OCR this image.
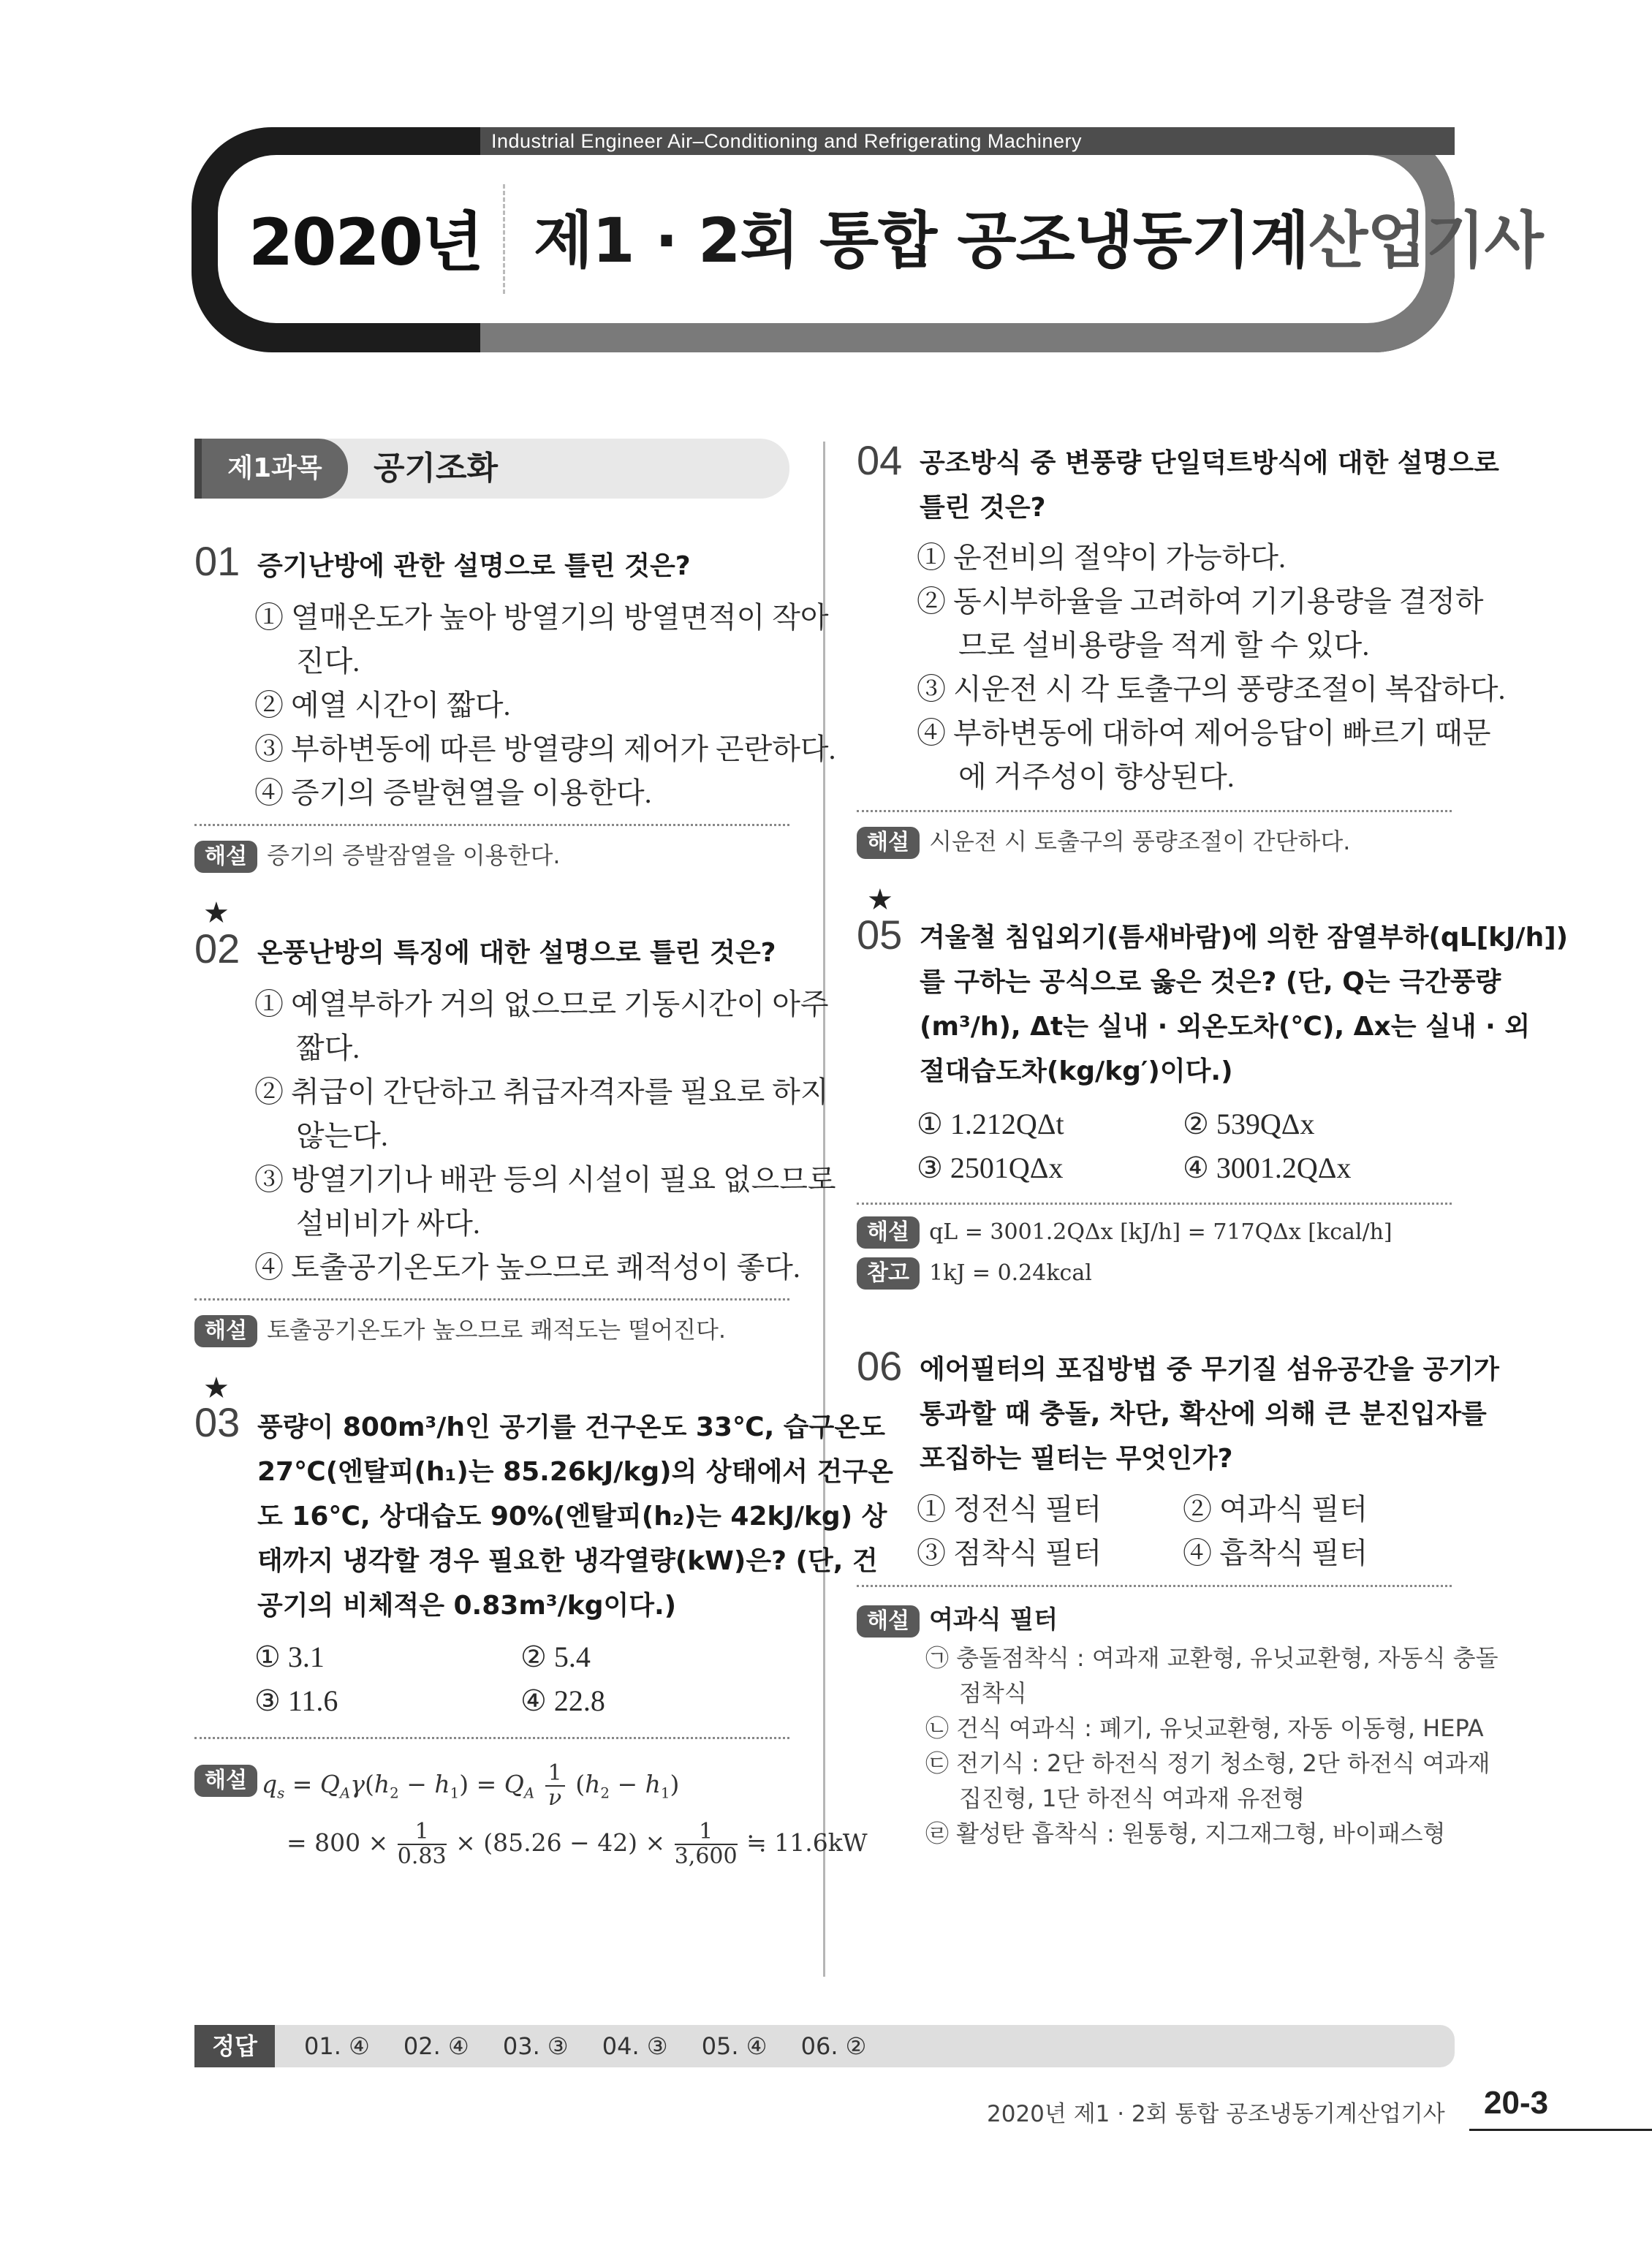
Industrial Engineer Air–Conditioning and Refrigerating Machinery
2020년 제1 · 2회 통합 공조냉동기계산업기사
제1과목	공기조화
01 증기난방에 관한 설명으로 틀린 것은?
① 열매온도가 높아 방열기의 방열면적이 작아
진다.
② 예열 시간이 짧다.
③ 부하변동에 따른 방열량의 제어가 곤란하다.
④ 증기의 증발현열을 이용한다.
해설 증기의 증발잠열을 이용한다.
★
02 온풍난방의 특징에 대한 설명으로 틀린 것은?
① 예열부하가 거의 없으므로 기동시간이 아주
짧다.
② 취급이 간단하고 취급자격자를 필요로 하지
않는다.
③ 방열기기나 배관 등의 시설이 필요 없으므로
설비비가 싸다.
④ 토출공기온도가 높으므로 쾌적성이 좋다.
해설 토출공기온도가 높으므로 쾌적도는 떨어진다.
★
03 풍량이 800m³/h인 공기를 건구온도 33℃, 습구온도
27℃(엔탈피(h₁)는 85.26kJ/kg)의 상태에서 건구온
도 16℃, 상대습도 90%(엔탈피(h₂)는 42kJ/kg) 상
태까지 냉각할 경우 필요한 냉각열량(kW)은? (단, 건
공기의 비체적은 0.83m³/kg이다.)
① 3.1	② 5.4
③ 11.6	④ 22.8
해설 $q_s = Q_A\gamma(h_2 - h_1) = Q_A \frac{1}{\nu} (h_2 - h_1)$
= $800 \times \frac{1}{0.83} \times (85.26 - 42) \times \frac{1}{3,600}$ ≒ 11.6kW
04 공조방식 중 변풍량 단일덕트방식에 대한 설명으로
틀린 것은?
① 운전비의 절약이 가능하다.
② 동시부하율을 고려하여 기기용량을 결정하
므로 설비용량을 적게 할 수 있다.
③ 시운전 시 각 토출구의 풍량조절이 복잡하다.
④ 부하변동에 대하여 제어응답이 빠르기 때문
에 거주성이 향상된다.
해설 시운전 시 토출구의 풍량조절이 간단하다.
★
05 겨울철 침입외기(틈새바람)에 의한 잠열부하(qL[kJ/h])
를 구하는 공식으로 옳은 것은? (단, Q는 극간풍량
(m³/h), Δt는 실내 · 외온도차(℃), Δx는 실내 · 외
절대습도차(kg/kg′)이다.)
① 1.212QΔt	② 539QΔx
③ 2501QΔx	④ 3001.2QΔx
해설 qL = 3001.2QΔx [kJ/h] = 717QΔx [kcal/h]
참고 1kJ = 0.24kcal
06 에어필터의 포집방법 중 무기질 섬유공간을 공기가
통과할 때 충돌, 차단, 확산에 의해 큰 분진입자를
포집하는 필터는 무엇인가?
① 정전식 필터	② 여과식 필터
③ 점착식 필터	④ 흡착식 필터
해설 여과식 필터
㉠ 충돌점착식 : 여과재 교환형, 유닛교환형, 자동식 충돌
점착식
㉡ 건식 여과식 : 폐기, 유닛교환형, 자동 이동형, HEPA
㉢ 전기식 : 2단 하전식 정기 청소형, 2단 하전식 여과재
집진형, 1단 하전식 여과재 유전형
㉣ 활성탄 흡착식 : 원통형, 지그재그형, 바이패스형
정답	01. ④ 02. ④ 03. ③ 04. ③ 05. ④ 06. ②
2020년 제1 · 2회 통합 공조냉동기계산업기사 20-3
